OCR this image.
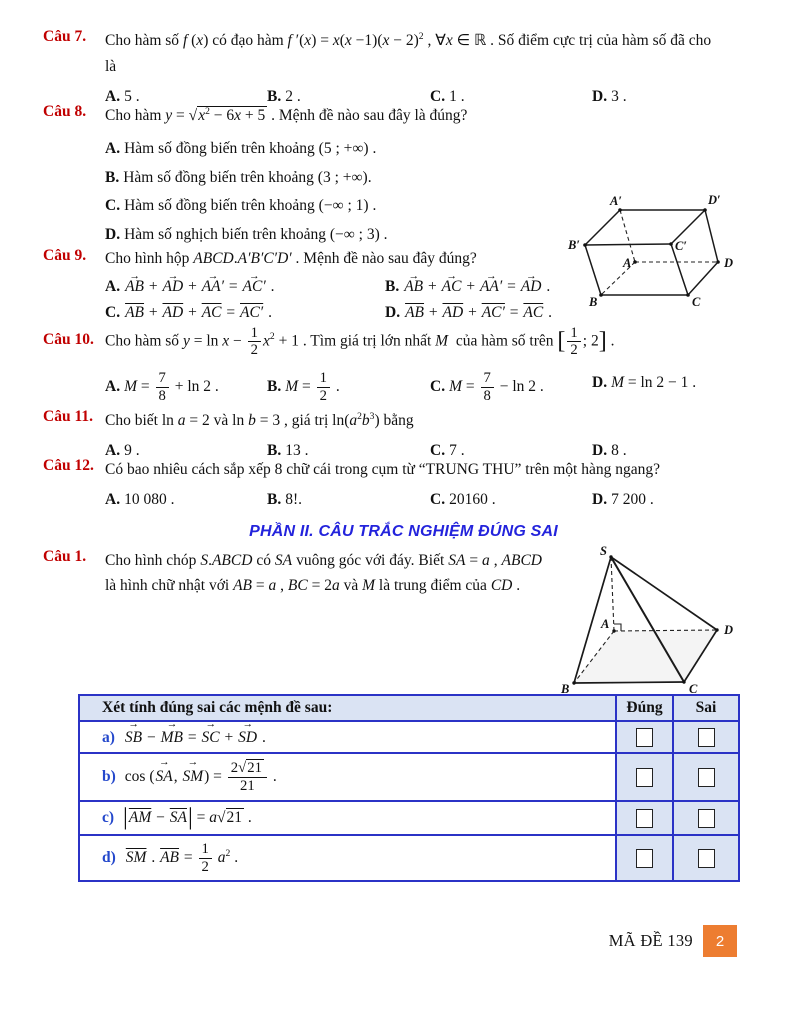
Câu 7. Cho hàm số f (x) có đạo hàm f $'(x) = x(x -1)(x - 2)^2$ , ∀x ∈ ℝ . Số điểm cực trị của hàm số đã cho
là
A. 5 .	B. 2 .	C. 1 .	D. 3 .
Câu 8. Cho hàm $y = √x^2 - 6x + 5$ . Mệnh đề nào sau đây là đúng?
A. Hàm số đồng biến trên khoảng (5 ; +∞) .
B. Hàm số đồng biến trên khoảng (3 ; +∞).
C. Hàm số đồng biến trên khoảng (−∞ ; 1) .
D. Hàm số nghịch biến trên khoảng (−∞ ; 3) .
Câu 9. Cho hình hộp ABCD.A′B′C′D′ . Mệnh đề nào sau đây đúng?
A. AB → + AD → + AA′ → = AC′ → .	B. AB → + AC → + AA′ → = AD → .
C. $\overline{AB} + \overline{AD} + \overline{AC} = AC'$ .	D. $\overline{AB} + \overline{AD} + AC' = \overline{AC}$ .
A′	D′
B′	C′
A	D
B	C
Câu 10. Cho hàm số $y = \ln x - \frac{1}{2} x^2 + 1$ . Tìm giá trị lớn nhất M  của hàm số trên [ $\frac{1}{2}$ ; 2] .
A. $M = \frac{7}{8} + \ln 2$ .	B. $M = \frac{1}{2}$ .	C. $M = \frac{7}{8} - \ln 2$ .	D. M = ln 2 − 1 .
Câu 11. Cho biết ln a = 2 và ln b = 3 , giá trị $\ln(a^2b^3)$ bằng
A. 9 .	B. 13 .	C. 7 .	D. 8 .
Câu 12. Có bao nhiêu cách sắp xếp 8 chữ cái trong cụm từ “TRUNG THU” trên một hàng ngang?
A. 10 080 .	B. 8!.	C. 20160 .	D. 7 200 .
PHẦN II. CÂU TRẮC NGHIỆM ĐÚNG SAI
Câu 1. Cho hình chóp S.ABCD có SA vuông góc với đáy. Biết SA = a , ABCD là hình chữ nhật với AB = a , BC = 2a và M là trung điểm của CD .
S
A	D
B	C
Xét tính đúng sai các mệnh đề sau:	Đúng	Sai
a) SB → − MB → = SC → + SD → .	

b) cos (SA →, SM →) = $\frac{2√21}{21}$ .	

c) $|\overline{AM} - \overline{SA}| = a√21$ .	

d) $\overline{SM}$ . $\overline{AB} = \frac{1}{2} a^2$ .	

MÃ ĐỀ 139	2
